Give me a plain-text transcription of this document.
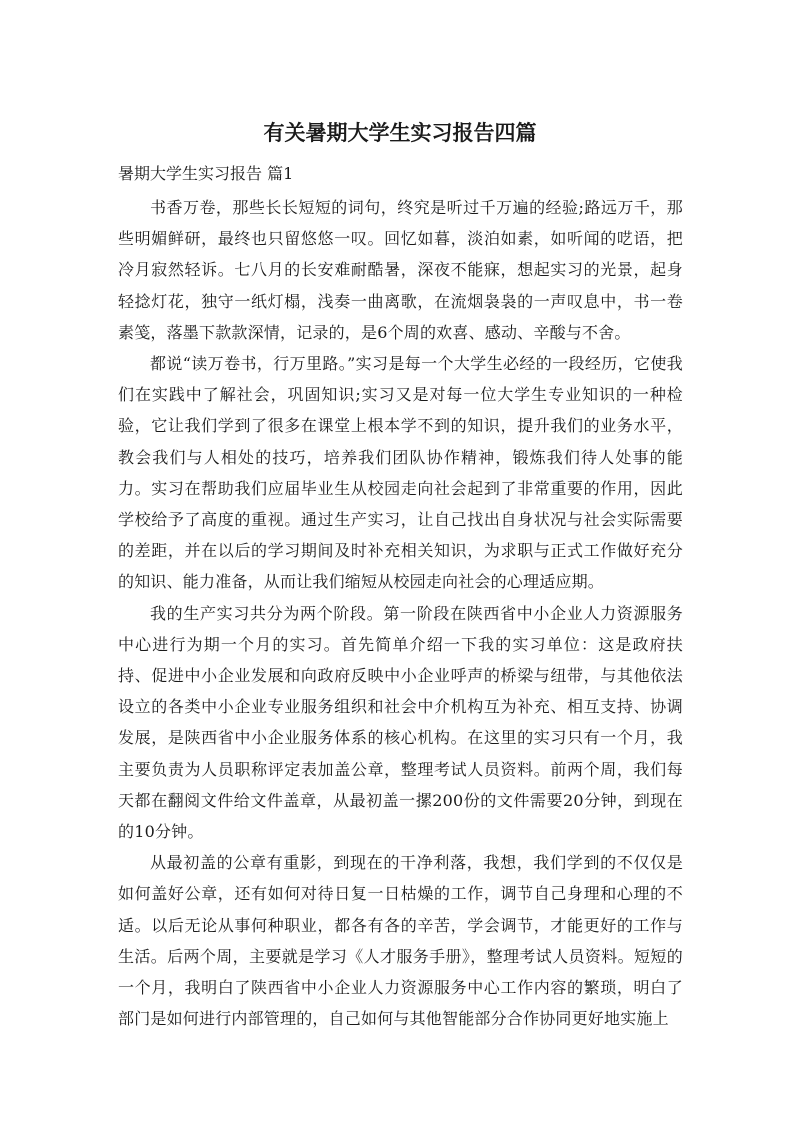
有关暑期大学生实习报告四篇

暑期大学生实习报告 篇1

书香万卷，那些长长短短的词句，终究是听过千万遍的经验;路远万千，那些明媚鲜研，最终也只留悠悠一叹。回忆如暮，淡泊如素，如听闻的呓语，把冷月寂然轻诉。七八月的长安难耐酷暑，深夜不能寐，想起实习的光景，起身轻捻灯花，独守一纸灯榻，浅奏一曲离歌，在流烟袅袅的一声叹息中，书一卷素笺，落墨下款款深情，记录的，是6个周的欢喜、感动、辛酸与不舍。

都说“读万卷书，行万里路。”实习是每一个大学生必经的一段经历，它使我们在实践中了解社会，巩固知识;实习又是对每一位大学生专业知识的一种检验，它让我们学到了很多在课堂上根本学不到的知识，提升我们的业务水平，教会我们与人相处的技巧，培养我们团队协作精神，锻炼我们待人处事的能力。实习在帮助我们应届毕业生从校园走向社会起到了非常重要的作用，因此学校给予了高度的重视。通过生产实习，让自己找出自身状况与社会实际需要的差距，并在以后的学习期间及时补充相关知识，为求职与正式工作做好充分的知识、能力准备，从而让我们缩短从校园走向社会的心理适应期。

我的生产实习共分为两个阶段。第一阶段在陕西省中小企业人力资源服务中心进行为期一个月的实习。首先简单介绍一下我的实习单位：这是政府扶持、促进中小企业发展和向政府反映中小企业呼声的桥梁与纽带，与其他依法设立的各类中小企业专业服务组织和社会中介机构互为补充、相互支持、协调发展，是陕西省中小企业服务体系的核心机构。在这里的实习只有一个月，我主要负责为人员职称评定表加盖公章，整理考试人员资料。前两个周，我们每天都在翻阅文件给文件盖章，从最初盖一摞200份的文件需要20分钟，到现在的10分钟。

从最初盖的公章有重影，到现在的干净利落，我想，我们学到的不仅仅是如何盖好公章，还有如何对待日复一日枯燥的工作，调节自己身理和心理的不适。以后无论从事何种职业，都各有各的辛苦，学会调节，才能更好的工作与生活。后两个周，主要就是学习《人才服务手册》，整理考试人员资料。短短的一个月，我明白了陕西省中小企业人力资源服务中心工作内容的繁琐，明白了部门是如何进行内部管理的，自己如何与其他智能部分合作协同更好地实施上
